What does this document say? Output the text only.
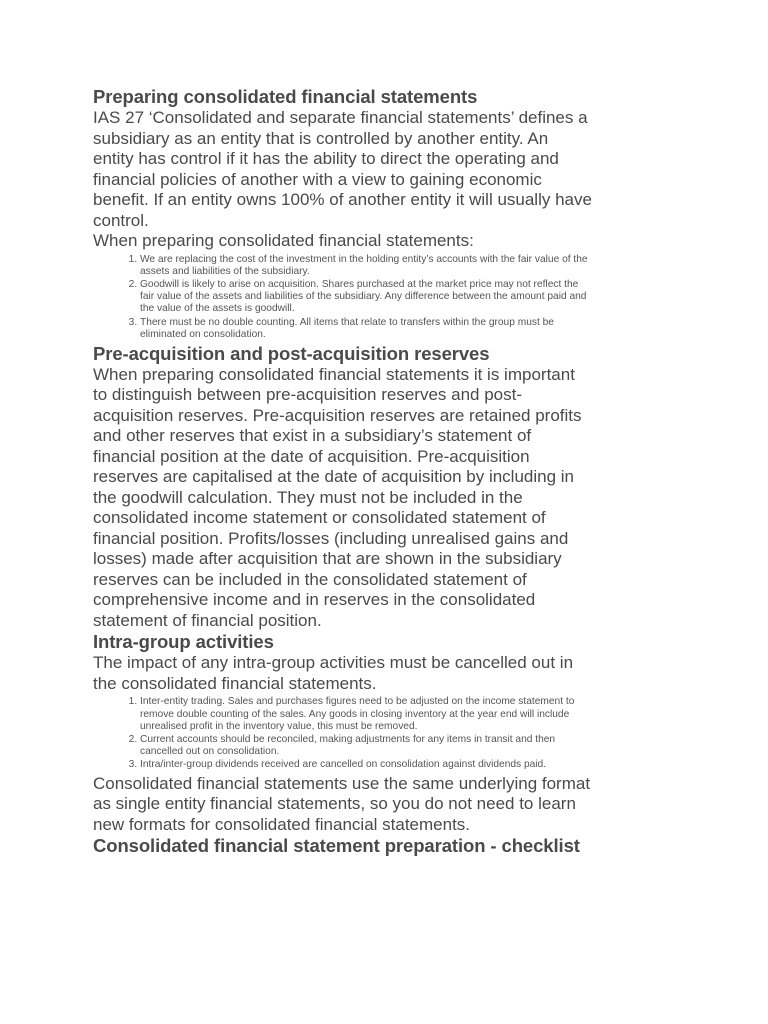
Preparing consolidated financial statements

IAS 27 ‘Consolidated and separate financial statements’ defines a subsidiary as an entity that is controlled by another entity. An entity has control if it has the ability to direct the operating and financial policies of another with a view to gaining economic benefit. If an entity owns 100% of another entity it will usually have control.

When preparing consolidated financial statements:

1. We are replacing the cost of the investment in the holding entity’s accounts with the fair value of the assets and liabilities of the subsidiary.
2. Goodwill is likely to arise on acquisition. Shares purchased at the market price may not reflect the fair value of the assets and liabilities of the subsidiary. Any difference between the amount paid and the value of the assets is goodwill.
3. There must be no double counting. All items that relate to transfers within the group must be eliminated on consolidation.
Pre-acquisition and post-acquisition reserves

When preparing consolidated financial statements it is important to distinguish between pre-acquisition reserves and post-acquisition reserves. Pre-acquisition reserves are retained profits and other reserves that exist in a subsidiary’s statement of financial position at the date of acquisition. Pre-acquisition reserves are capitalised at the date of acquisition by including in the goodwill calculation. They must not be included in the consolidated income statement or consolidated statement of financial position. Profits/losses (including unrealised gains and losses) made after acquisition that are shown in the subsidiary reserves can be included in the consolidated statement of comprehensive income and in reserves in the consolidated statement of financial position.

Intra-group activities

The impact of any intra-group activities must be cancelled out in the consolidated financial statements.

1. Inter-entity trading. Sales and purchases figures need to be adjusted on the income statement to remove double counting of the sales. Any goods in closing inventory at the year end will include unrealised profit in the inventory value, this must be removed.
2. Current accounts should be reconciled, making adjustments for any items in transit and then cancelled out on consolidation.
3. Intra/inter-group dividends received are cancelled on consolidation against dividends paid.

Consolidated financial statements use the same underlying format as single entity financial statements, so you do not need to learn new formats for consolidated financial statements.

Consolidated financial statement preparation - checklist
